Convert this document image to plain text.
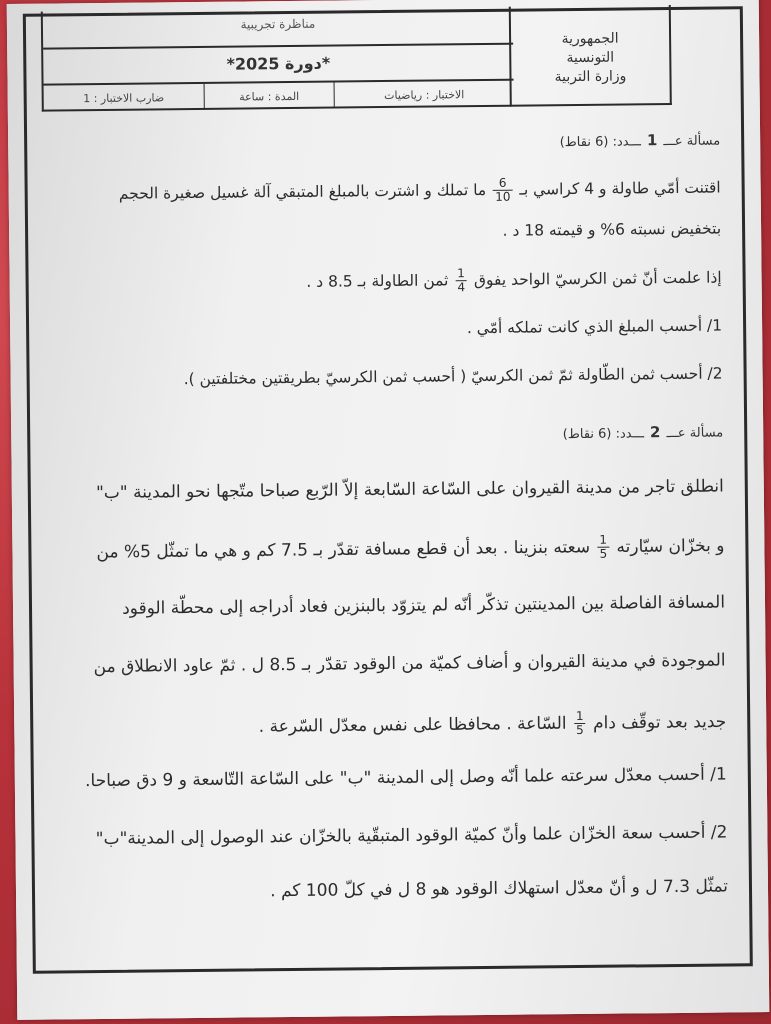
الجمهورية
التونسية
وزارة التربية
مناظرة تجريبية
*دورة 2025*
الاختبار : رياضيات
المدة : ساعة
ضارب الاختبار : 1
مسألة عـــ1ـــدد: (6 نقاط)
اقتنت أمّي طاولة و 4 كراسي بـ
$\frac{6}{10}$
ما تملك و اشترت بالمبلغ المتبقي آلة غسيل صغيرة الحجم
بتخفيض نسبته 6% و قيمته 18 د .
إذا علمت أنّ ثمن الكرسيّ الواحد يفوق
$\frac{1}{4}$
ثمن الطاولة بـ 8.5 د .
1/ أحسب المبلغ الذي كانت تملكه أمّي .
2/ أحسب ثمن الطّاولة ثمّ ثمن الكرسيّ ( أحسب ثمن الكرسيّ بطريقتين مختلفتين ).
مسألة عـــ2ـــدد: (6 نقاط)
انطلق تاجر من مدينة القيروان على السّاعة السّابعة إلاّ الرّبع صباحا متّجها نحو المدينة "ب"
و بخزّان سيّارته
$\frac{1}{5}$
سعته بنزينا . بعد أن قطع مسافة تقدّر بـ 7.5 كم و هي ما تمثّل 5% من
المسافة الفاصلة بين المدينتين تذكّر أنّه لم يتزوّد بالبنزين فعاد أدراجه إلى محطّة الوقود
الموجودة في مدينة القيروان و أضاف كميّة من الوقود تقدّر بـ 8.5 ل . ثمّ عاود الانطلاق من
جديد بعد توقّف دام
$\frac{1}{5}$
السّاعة . محافظا على نفس معدّل السّرعة .
1/ أحسب معدّل سرعته علما أنّه وصل إلى المدينة "ب" على السّاعة التّاسعة و 9 دق صباحا.
2/ أحسب سعة الخزّان علما وأنّ كميّة الوقود المتبقّية بالخزّان عند الوصول إلى المدينة"ب"
تمثّل 7.3 ل و أنّ معدّل استهلاك الوقود هو 8 ل في كلّ 100 كم .
